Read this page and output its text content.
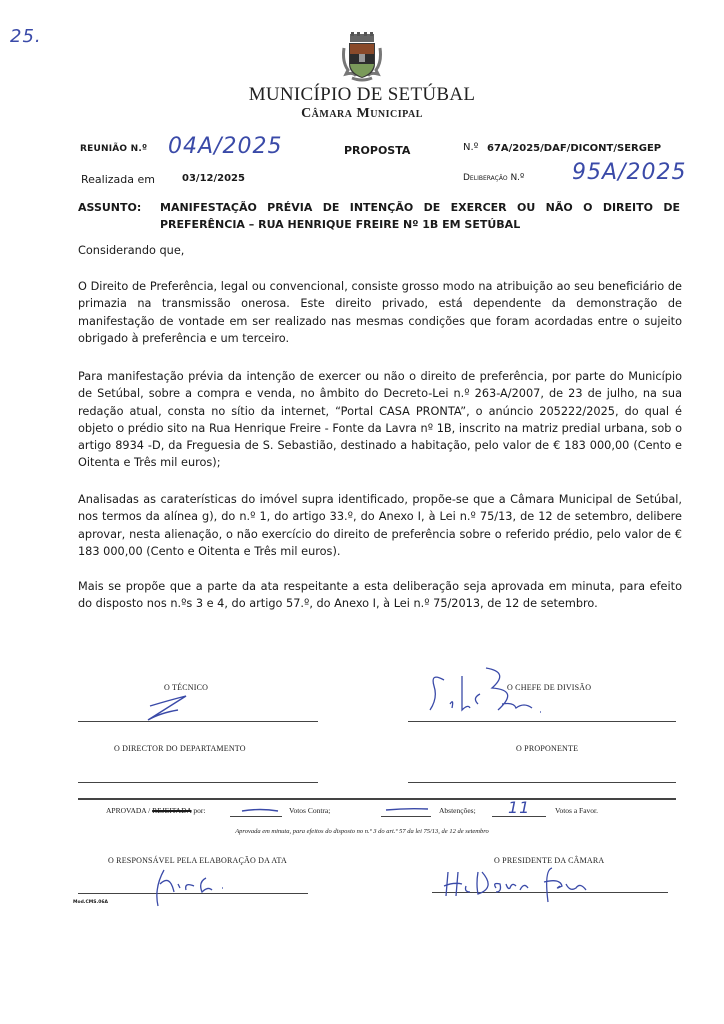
25.
MUNICÍPIO DE SETÚBAL
Câmara Municipal
REUNIÃO N.º 04A/2025	PROPOSTA	N.º 67A/2025/DAF/DICONT/SERGEP
Realizada em	03/12/2025	Deliberação N.º 95A/2025
ASSUNTO: MANIFESTAÇÃO PRÉVIA DE INTENÇÃO DE EXERCER OU NÃO O DIREITO DE PREFERÊNCIA – RUA HENRIQUE FREIRE Nº 1B EM SETÚBAL
Considerando que,
O Direito de Preferência, legal ou convencional, consiste grosso modo na atribuição ao seu beneficiário de primazia na transmissão onerosa. Este direito privado, está dependente da demonstração de manifestação de vontade em ser realizado nas mesmas condições que foram acordadas entre o sujeito obrigado à preferência e um terceiro.
Para manifestação prévia da intenção de exercer ou não o direito de preferência, por parte do Município de Setúbal, sobre a compra e venda, no âmbito do Decreto-Lei n.º 263-A/2007, de 23 de julho, na sua redação atual, consta no sítio da internet, “Portal CASA PRONTA”, o anúncio 205222/2025, do qual é objeto o prédio sito na Rua Henrique Freire - Fonte da Lavra nº 1B, inscrito na matriz predial urbana, sob o artigo 8934 -D, da Freguesia de S. Sebastião, destinado a habitação, pelo valor de € 183 000,00 (Cento e Oitenta e Três mil euros);
Analisadas as caraterísticas do imóvel supra identificado, propõe-se que a Câmara Municipal de Setúbal, nos termos da alínea g), do n.º 1, do artigo 33.º, do Anexo I, à Lei n.º 75/13, de 12 de setembro, delibere aprovar, nesta alienação, o não exercício do direito de preferência sobre o referido prédio, pelo valor de € 183 000,00 (Cento e Oitenta e Três mil euros).
Mais se propõe que a parte da ata respeitante a esta deliberação seja aprovada em minuta, para efeito do disposto nos n.ºs 3 e 4, do artigo 57.º, do Anexo I, à Lei n.º 75/2013, de 12 de setembro.
O TÉCNICO
O DIRECTOR DO DEPARTAMENTO
O CHEFE DE DIVISÃO
O PROPONENTE
APROVADA / REJEITADA por:	Votos Contra;	Abstenções; 11	Votos a Favor.
Aprovada em minuta, para efeitos do disposto no n.º 3 do art.º 57 da lei 75/13, de 12 de setembro
O RESPONSÁVEL PELA ELABORAÇÃO DA ATA
Mod.CMS.06A
O PRESIDENTE DA CÂMARA
